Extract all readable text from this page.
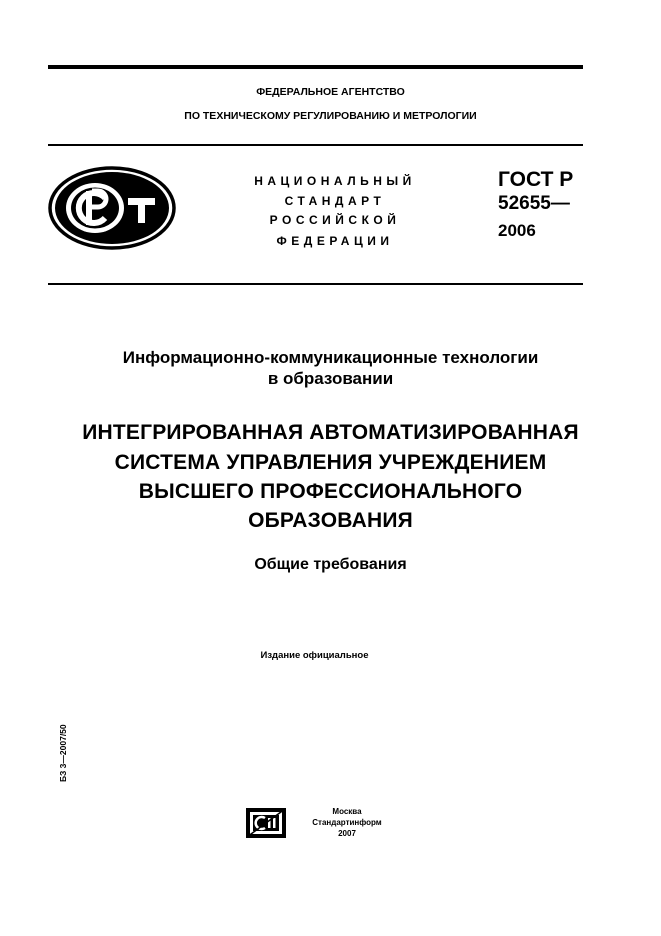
ФЕДЕРАЛЬНОЕ АГЕНТСТВО
ПО ТЕХНИЧЕСКОМУ РЕГУЛИРОВАНИЮ И МЕТРОЛОГИИ
НАЦИОНАЛЬНЫЙ
СТАНДАРТ
РОССИЙСКОЙ
ФЕДЕРАЦИИ
ГОСТ Р
52655—
2006
Информационно-коммуникационные технологии
в образовании
ИНТЕГРИРОВАННАЯ АВТОМАТИЗИРОВАННАЯ
СИСТЕМА УПРАВЛЕНИЯ УЧРЕЖДЕНИЕМ
ВЫСШЕГО ПРОФЕССИОНАЛЬНОГО
ОБРАЗОВАНИЯ
Общие требования
Издание официальное
БЗ 3—2007/50
Москва
Стандартинформ
2007
